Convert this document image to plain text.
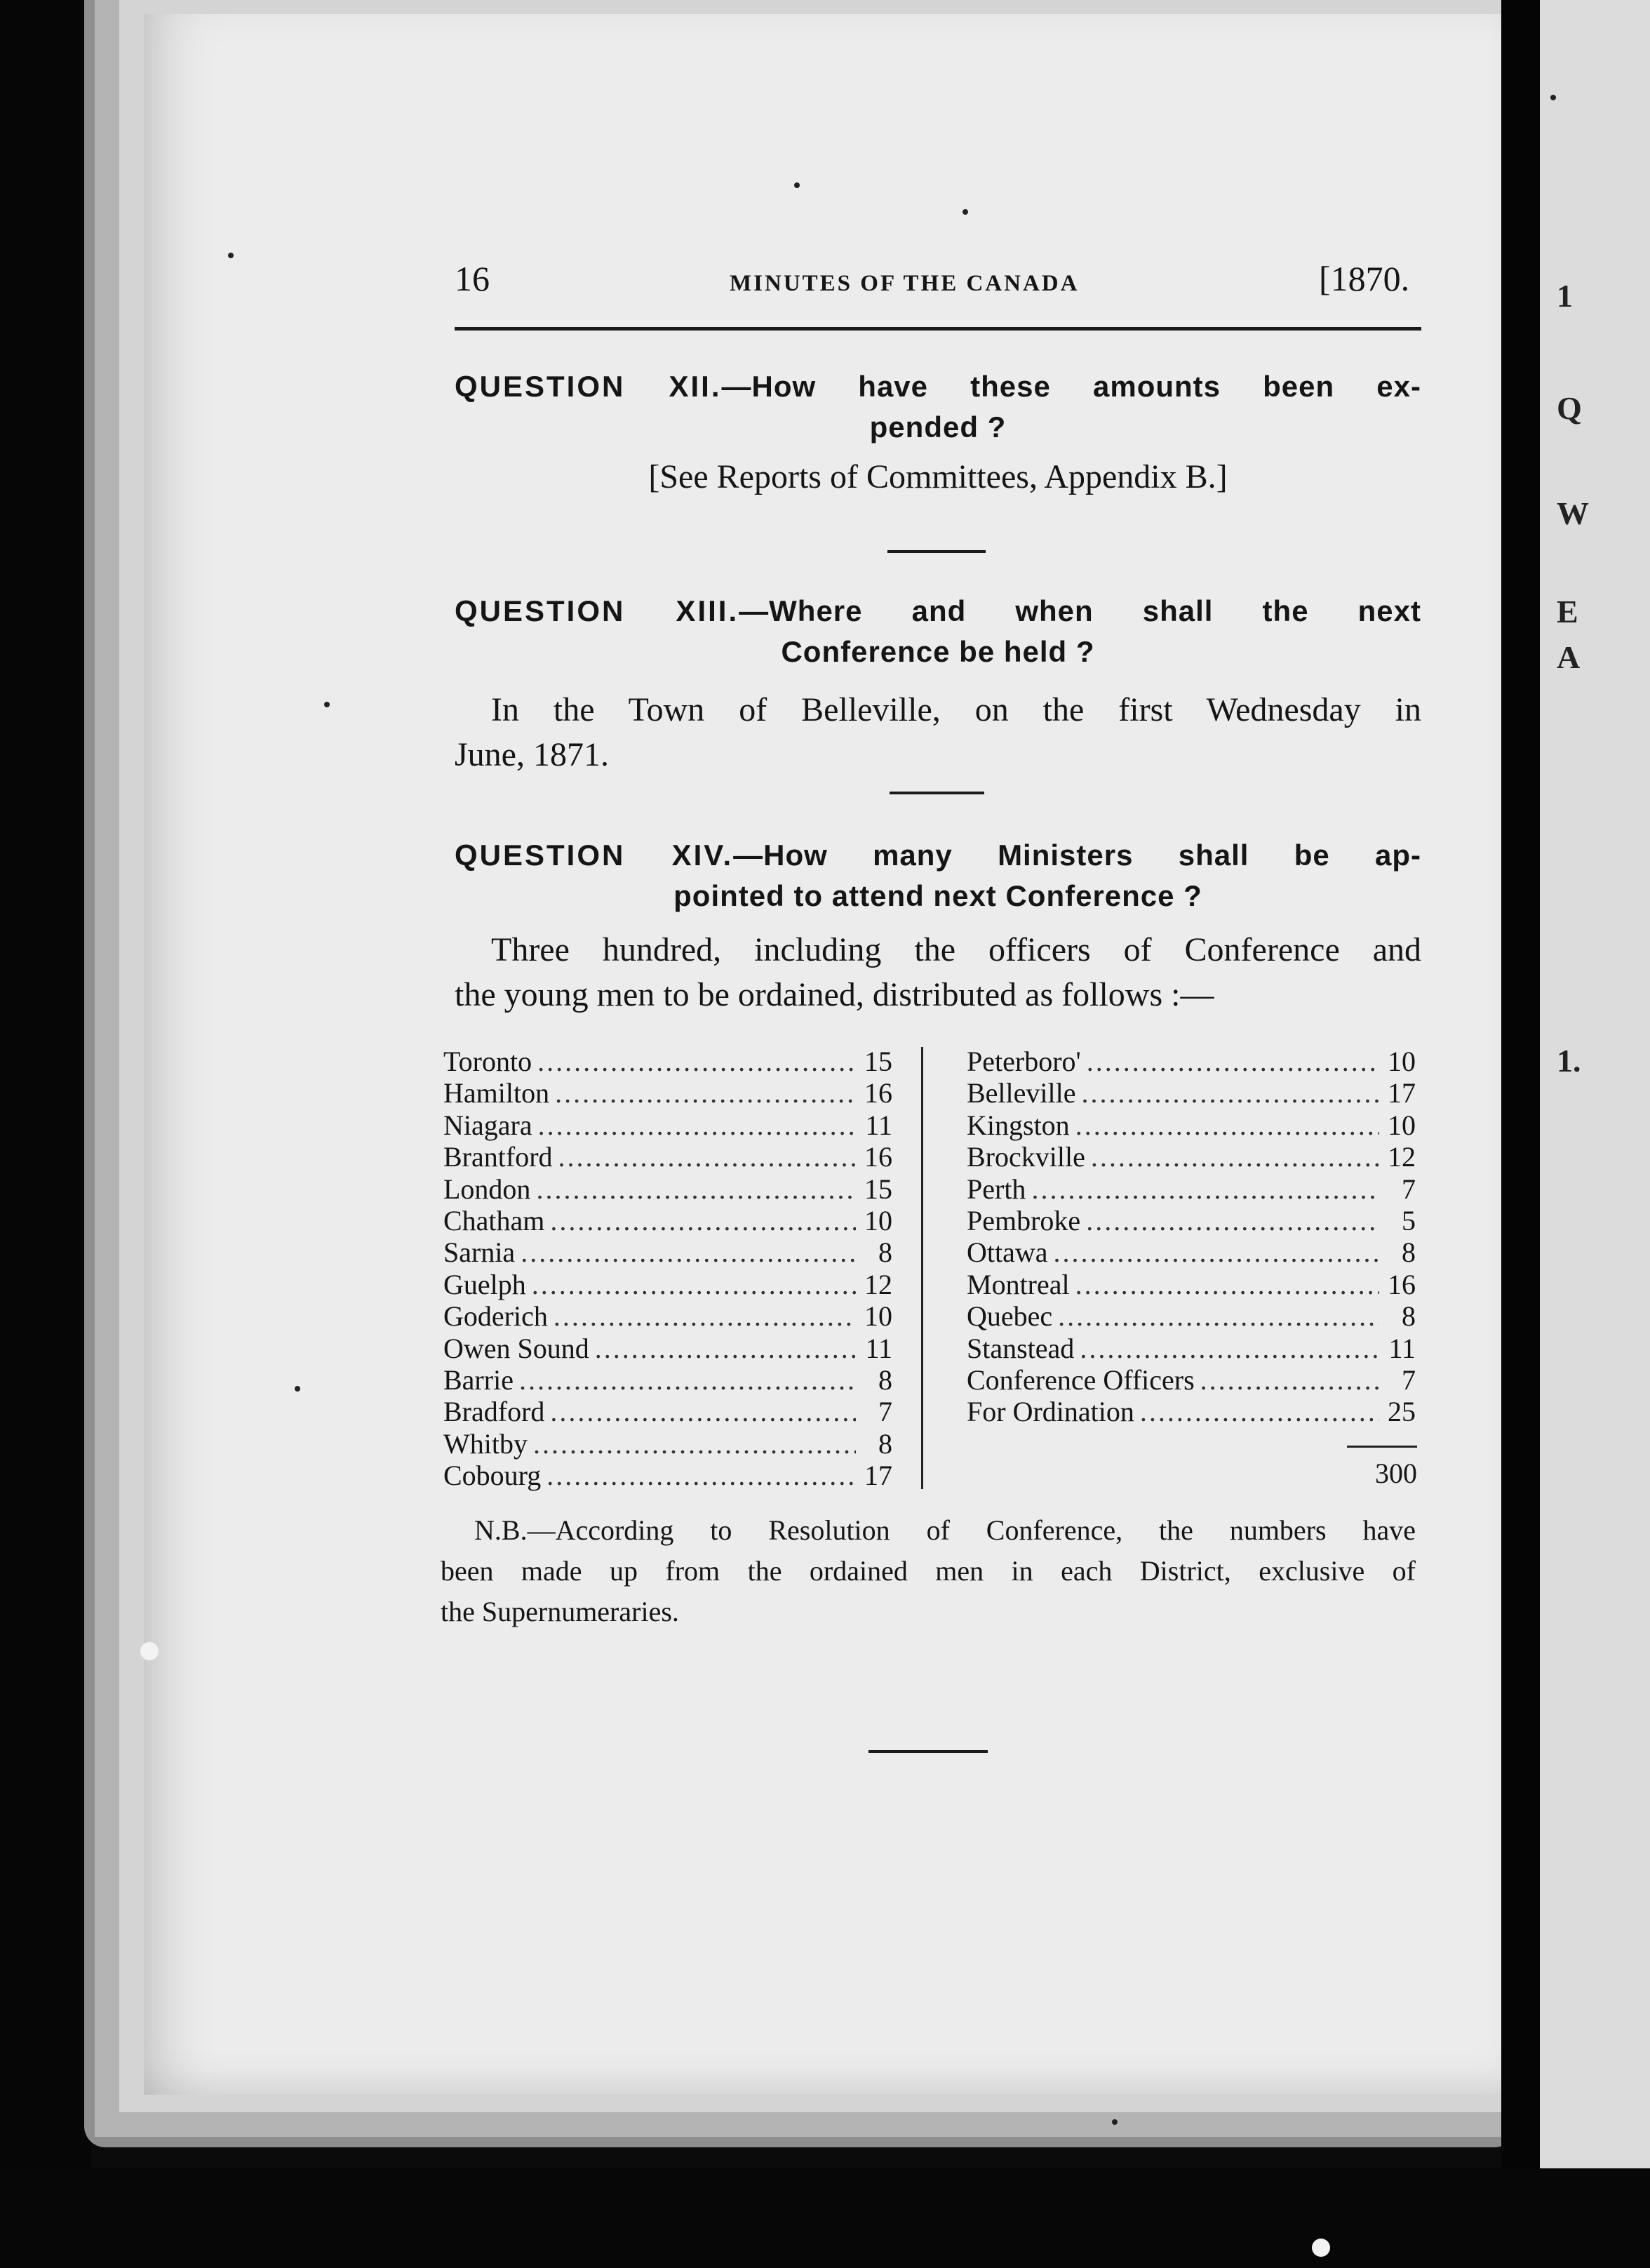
1
Q
W
E
A
1.
16	MINUTES OF THE CANADA	[1870.
QUESTION XII.—How have these amounts been ex-
pended ?
[See Reports of Committees, Appendix B.]
QUESTION XIII.—Where and when shall the next
Conference be held ?
In the Town of Belleville, on the first Wednesday in
June, 1871.
QUESTION XIV.—How many Ministers shall be ap-
pointed to attend next Conference ?
Three hundred, including the officers of Conference and
the young men to be ordained, distributed as follows :—
Toronto .....	15
Hamilton .....	16
Niagara .....	11
Brantford .....	16
London .....	15
Chatham .....	10
Sarnia .....	8
Guelph .....	12
Goderich .....	10
Owen Sound .....	11
Barrie .....	8
Bradford .....	7
Whitby .....	8
Cobourg .....	17
Peterboro' .....	10
Belleville .....	17
Kingston .....	10
Brockville .....	12
Perth .....	7
Pembroke .....	5
Ottawa .....	8
Montreal .....	16
Quebec .....	8
Stanstead .....	11
Conference Officers .....	7
For Ordination .....	25
300
N.B.—According to Resolution of Conference, the numbers have
been made up from the ordained men in each District, exclusive of
the Supernumeraries.
